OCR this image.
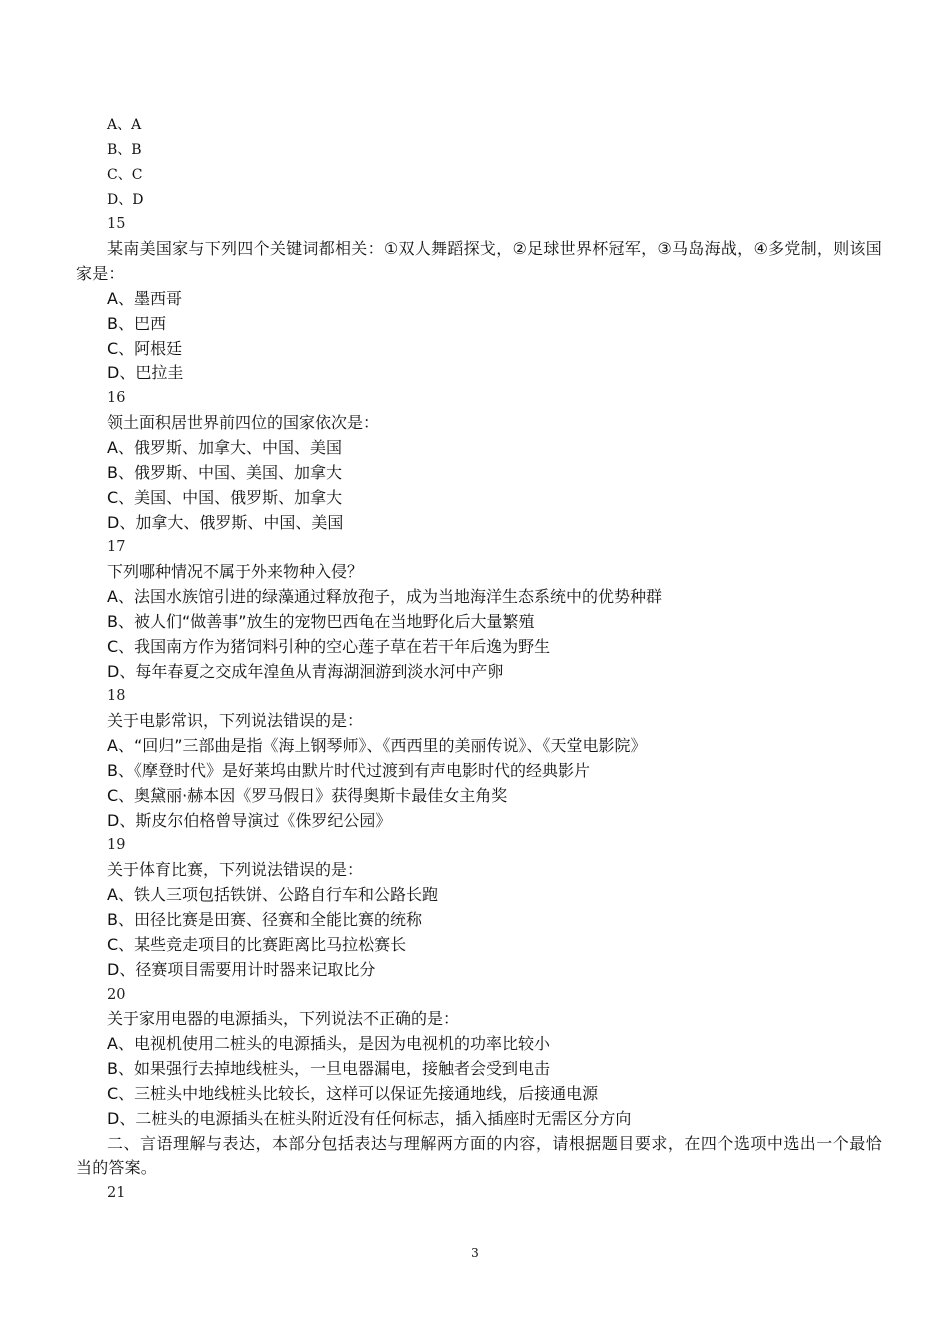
A、A
B、B
C、C
D、D
15
某南美国家与下列四个关键词都相关：①双人舞蹈探戈，②足球世界杯冠军，③马岛海战，④多党制，则该国家是：
A、墨西哥
B、巴西
C、阿根廷
D、巴拉圭
16
领土面积居世界前四位的国家依次是：
A、俄罗斯、加拿大、中国、美国
B、俄罗斯、中国、美国、加拿大
C、美国、中国、俄罗斯、加拿大
D、加拿大、俄罗斯、中国、美国
17
下列哪种情况不属于外来物种入侵？
A、法国水族馆引进的绿藻通过释放孢子，成为当地海洋生态系统中的优势种群
B、被人们“做善事”放生的宠物巴西龟在当地野化后大量繁殖
C、我国南方作为猪饲料引种的空心莲子草在若干年后逸为野生
D、每年春夏之交成年湟鱼从青海湖洄游到淡水河中产卵
18
关于电影常识，下列说法错误的是：
A、“回归”三部曲是指《海上钢琴师》、《西西里的美丽传说》、《天堂电影院》
B、《摩登时代》是好莱坞由默片时代过渡到有声电影时代的经典影片
C、奥黛丽·赫本因《罗马假日》获得奥斯卡最佳女主角奖
D、斯皮尔伯格曾导演过《侏罗纪公园》
19
关于体育比赛，下列说法错误的是：
A、铁人三项包括铁饼、公路自行车和公路长跑
B、田径比赛是田赛、径赛和全能比赛的统称
C、某些竞走项目的比赛距离比马拉松赛长
D、径赛项目需要用计时器来记取比分
20
关于家用电器的电源插头，下列说法不正确的是：
A、电视机使用二桩头的电源插头，是因为电视机的功率比较小
B、如果强行去掉地线桩头，一旦电器漏电，接触者会受到电击
C、三桩头中地线桩头比较长，这样可以保证先接通地线，后接通电源
D、二桩头的电源插头在桩头附近没有任何标志，插入插座时无需区分方向
二、言语理解与表达，本部分包括表达与理解两方面的内容，请根据题目要求，在四个选项中选出一个最恰当的答案。
21
3
